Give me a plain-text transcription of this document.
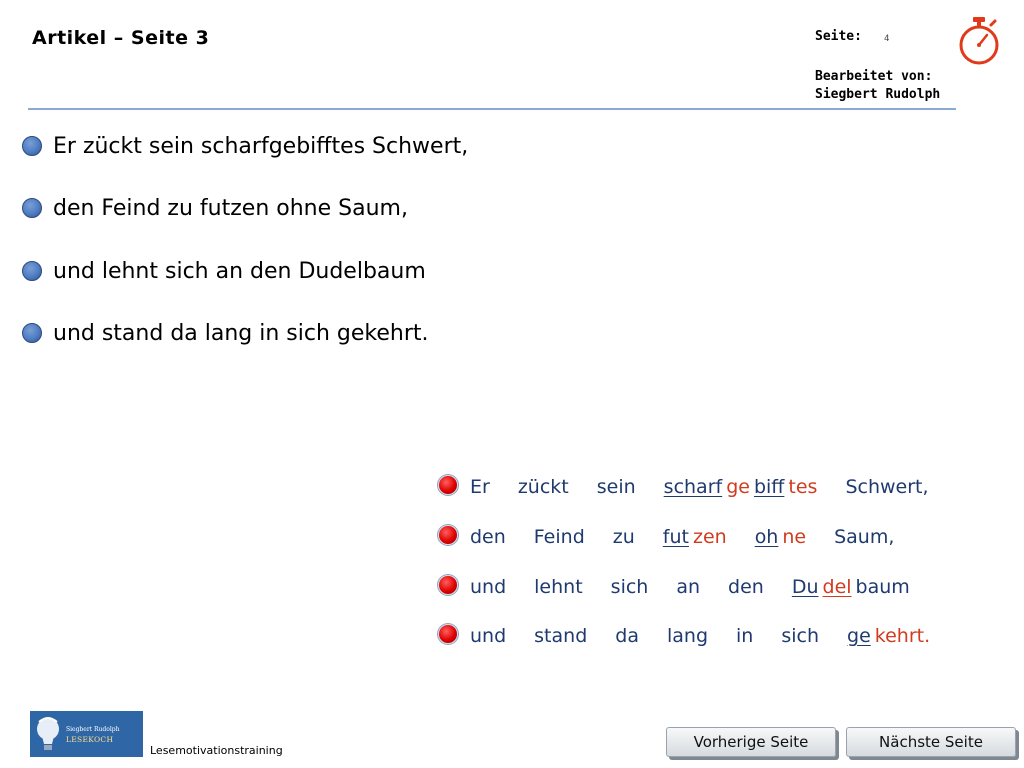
Artikel – Seite 3	Seite: 4
Bearbeitet von:
Siegbert Rudolph
Er zückt sein scharfgebifftes Schwert,
den Feind zu futzen ohne Saum,
und lehnt sich an den Dudelbaum
und stand da lang in sich gekehrt.
Er zückt sein scharf ge biff tes Schwert,
den Feind zu fut zen oh ne Saum,
und lehnt sich an den Du del baum
und stand da lang in sich ge kehrt.
Siegbert Rudolph
LESEKOCH
Lesemotivationstraining	Vorherige Seite	Nächste Seite
